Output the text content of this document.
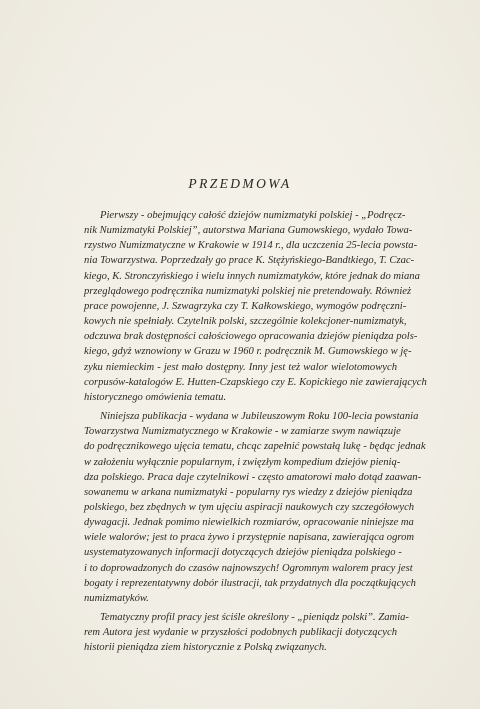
PRZEDMOWA
Pierwszy - obejmujący całość dziejów numizmatyki polskiej - „Podręcz-
nik Numizmatyki Polskiej”, autorstwa Mariana Gumowskiego, wydało Towa-
rzystwo Numizmatyczne w Krakowie w 1914 r., dla uczczenia 25-lecia powsta-
nia Towarzystwa. Poprzedzały go prace K. Stężyńskiego-Bandtkiego, T. Czac-
kiego, K. Stronczyńskiego i wielu innych numizmatyków, które jednak do miana
przeglądowego podręcznika numizmatyki polskiej nie pretendowały. Również
prace powojenne, J. Szwagrzyka czy T. Kałkowskiego, wymogów podręczni-
kowych nie spełniały. Czytelnik polski, szczególnie kolekcjoner-numizmatyk,
odczuwa brak dostępności całościowego opracowania dziejów pieniądza pols-
kiego, gdyż wznowiony w Grazu w 1960 r. podręcznik M. Gumowskiego w ję-
zyku niemieckim - jest mało dostępny. Inny jest też walor wielotomowych
corpusów-katalogów E. Hutten-Czapskiego czy E. Kopickiego nie zawierających
historycznego omówienia tematu.
Niniejsza publikacja - wydana w Jubileuszowym Roku 100-lecia powstania
Towarzystwa Numizmatycznego w Krakowie - w zamiarze swym nawiązuje
do podręcznikowego ujęcia tematu, chcąc zapełnić powstałą lukę - będąc jednak
w założeniu wyłącznie popularnym, i zwięzłym kompedium dziejów pienią-
dza polskiego. Praca daje czytelnikowi - często amatorowi mało dotąd zaawan-
sowanemu w arkana numizmatyki - popularny rys wiedzy z dziejów pieniądza
polskiego, bez zbędnych w tym ujęciu aspiracji naukowych czy szczegółowych
dywagacji. Jednak pomimo niewielkich rozmiarów, opracowanie niniejsze ma
wiele walorów; jest to praca żywo i przystępnie napisana, zawierająca ogrom
usystematyzowanych informacji dotyczących dziejów pieniądza polskiego -
i to doprowadzonych do czasów najnowszych! Ogromnym walorem pracy jest
bogaty i reprezentatywny dobór ilustracji, tak przydatnych dla początkujących
numizmatyków.
Tematyczny profil pracy jest ściśle określony - „pieniądz polski”. Zamia-
rem Autora jest wydanie w przyszłości podobnych publikacji dotyczących
historii pieniądza ziem historycznie z Polską związanych.
